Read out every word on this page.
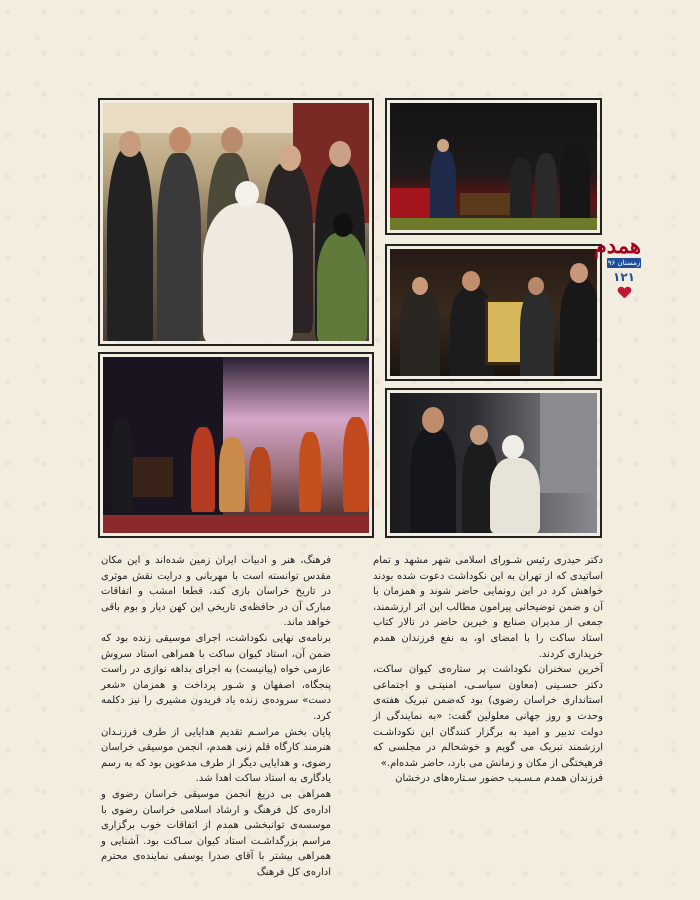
همدم
زمستان ۹۶
۱۲۱

دکتر حیدری رئیس شـورای اسلامی شهر مشهد و تمام اساتیدی که از تهران به این نکوداشت دعوت شده بودند خواهش کرد در این رونمایی حاضر شوند و همزمان با آن و ضمن توضیحاتی پیرامون مطالب این اثر ارزشمند، جمعی از مدیران صنایع و خیرین حاضر در تالار کتاب استاد ساکت را با امضای او، به نفع فرزندان همدم خریداری کردند.

آخرین سخنران نکوداشت پر ستاره‌ی کیوان ساکت، دکتر حسـینی (معاون سیاسـی، امنیتـی و اجتماعی استانداری خراسان رضوی) بود که‌ضمن تبریک هفته‌ی وحدت و روز جهانی معلولین گفت: «به نمایندگی از دولت تدبیر و امید به برگزار کنندگان این نکوداشـت ارزشمند تبریک می گویم و خوشحالم در مجلسی که فرهیختگی از مکان و زمانش می بارد، حاضر شده‌ام.»

فرزندان همدم مـسـبب حضور سـتاره‌های درخشان

فرهنگ، هنر و ادبیات ایران زمین شده‌اند و این مکان مقدس توانسته است با مهربانی و درایت نقش موثری در تاریخ خراسان بازی کند، قطعا امشب و اتفاقات مبارک آن در حافظه‌ی تاریخی این کهن دیار و بوم باقی خواهد ماند.

برنامه‌ی نهایی نکوداشت، اجرای موسیقی زنده بود که ضمن آن، استاد کیوان ساکت با همراهی استاد سروش عازمی خواه (پیانیست) به اجرای بداهه نوازی در راست پنجگاه، اصفهان و شـور پرداخت و همزمان «شعر دست» سروده‌ی زنده یاد فریدون مشیری را نیز دکلمه کرد.

پایان بخش مراسـم تقدیم هدایایی از طرف فرزنـدان هنرمند کارگاه قلم زنی همدم، انجمن موسیقی خراسان رضوی، و هدایایی دیگر از طرف مدعوین بود که به رسم یادگاری به استاد ساکت اهدا شد.

همراهی بی دریغ انجمن موسیقی خراسان رضوی و اداره‌ی کل فرهنگ و ارشاد اسلامی خراسان رضوی با موسسه‌ی توانبخشی همدم از اتفاقات خوب برگزاری مراسم بزرگداشـت استاد کیوان سـاکت بود. آشنایی و همراهی بیشتر با آقای صدرا یوسفی نماینده‌ی محترم اداره‌ی کل فرهنگ
